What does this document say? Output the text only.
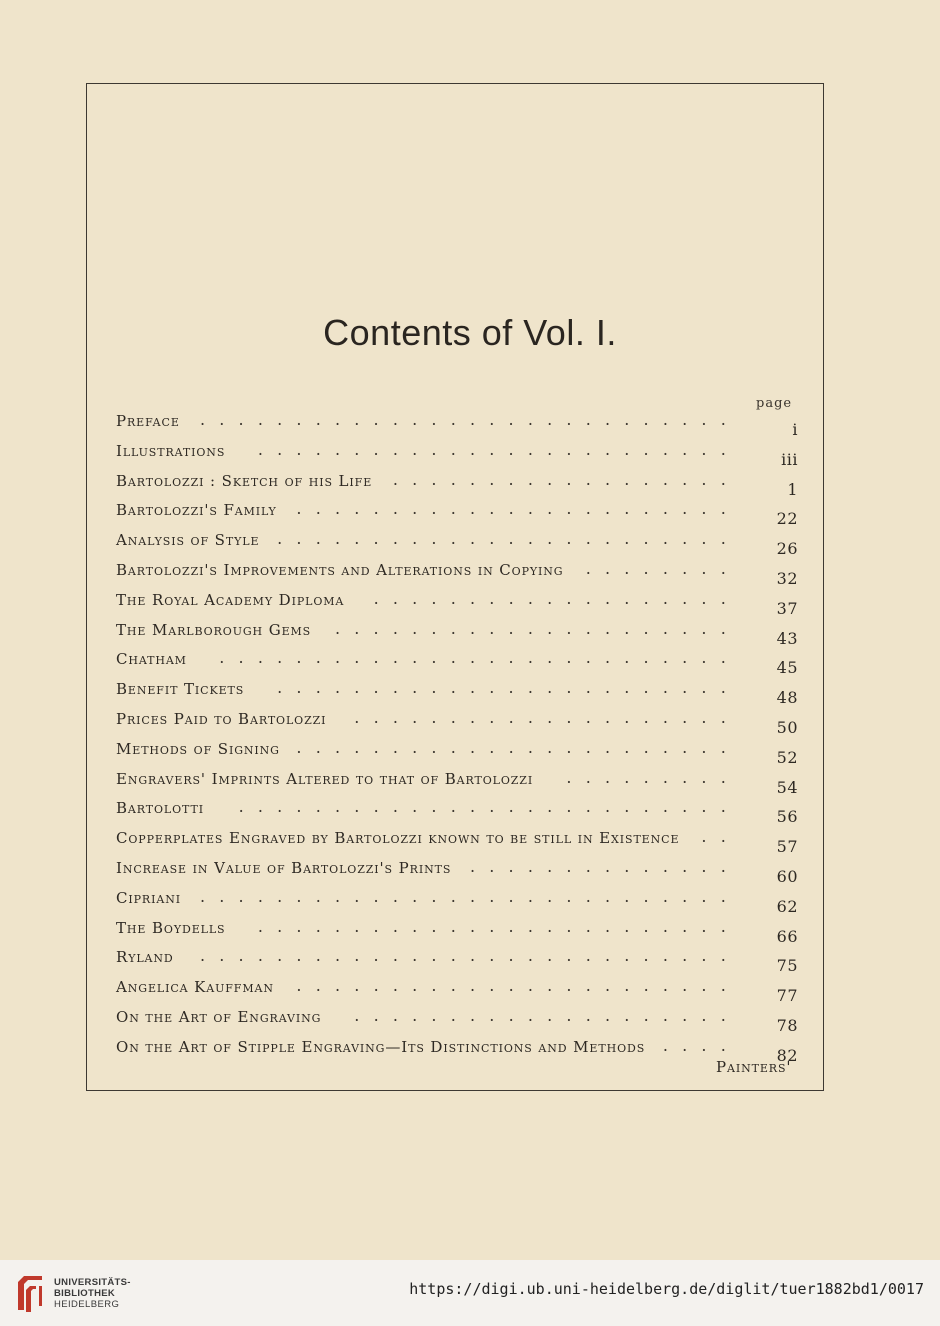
Contents of Vol. I.
page
Preface ............................
i
Illustrations .........................
iii
Bartolozzi : Sketch of his Life ..................
1
Bartolozzi's Family .......................
22
Analysis of Style ........................
26
Bartolozzi's Improvements and Alterations in Copying ........
32
The Royal Academy Diploma ...................
37
The Marlborough Gems .....................
43
Chatham ...........................
45
Benefit Tickets ........................
48
Prices Paid to Bartolozzi ....................
50
Methods of Signing .......................
52
Engravers' Imprints Altered to that of Bartolozzi .........
54
Bartolotti ..........................
56
Copperplates Engraved by Bartolozzi known to be still in Existence ..
57
Increase in Value of Bartolozzi's Prints ..............
60
Cipriani ............................
62
The Boydells .........................
66
Ryland ............................
75
Angelica Kauffman .......................
77
On the Art of Engraving ....................
78
On the Art of Stipple Engraving—Its Distinctions and Methods ....
82
Painters'
UNIVERSITÄTS-
BIBLIOTHEK
HEIDELBERG
https://digi.ub.uni-heidelberg.de/diglit/tuer1882bd1/0017
